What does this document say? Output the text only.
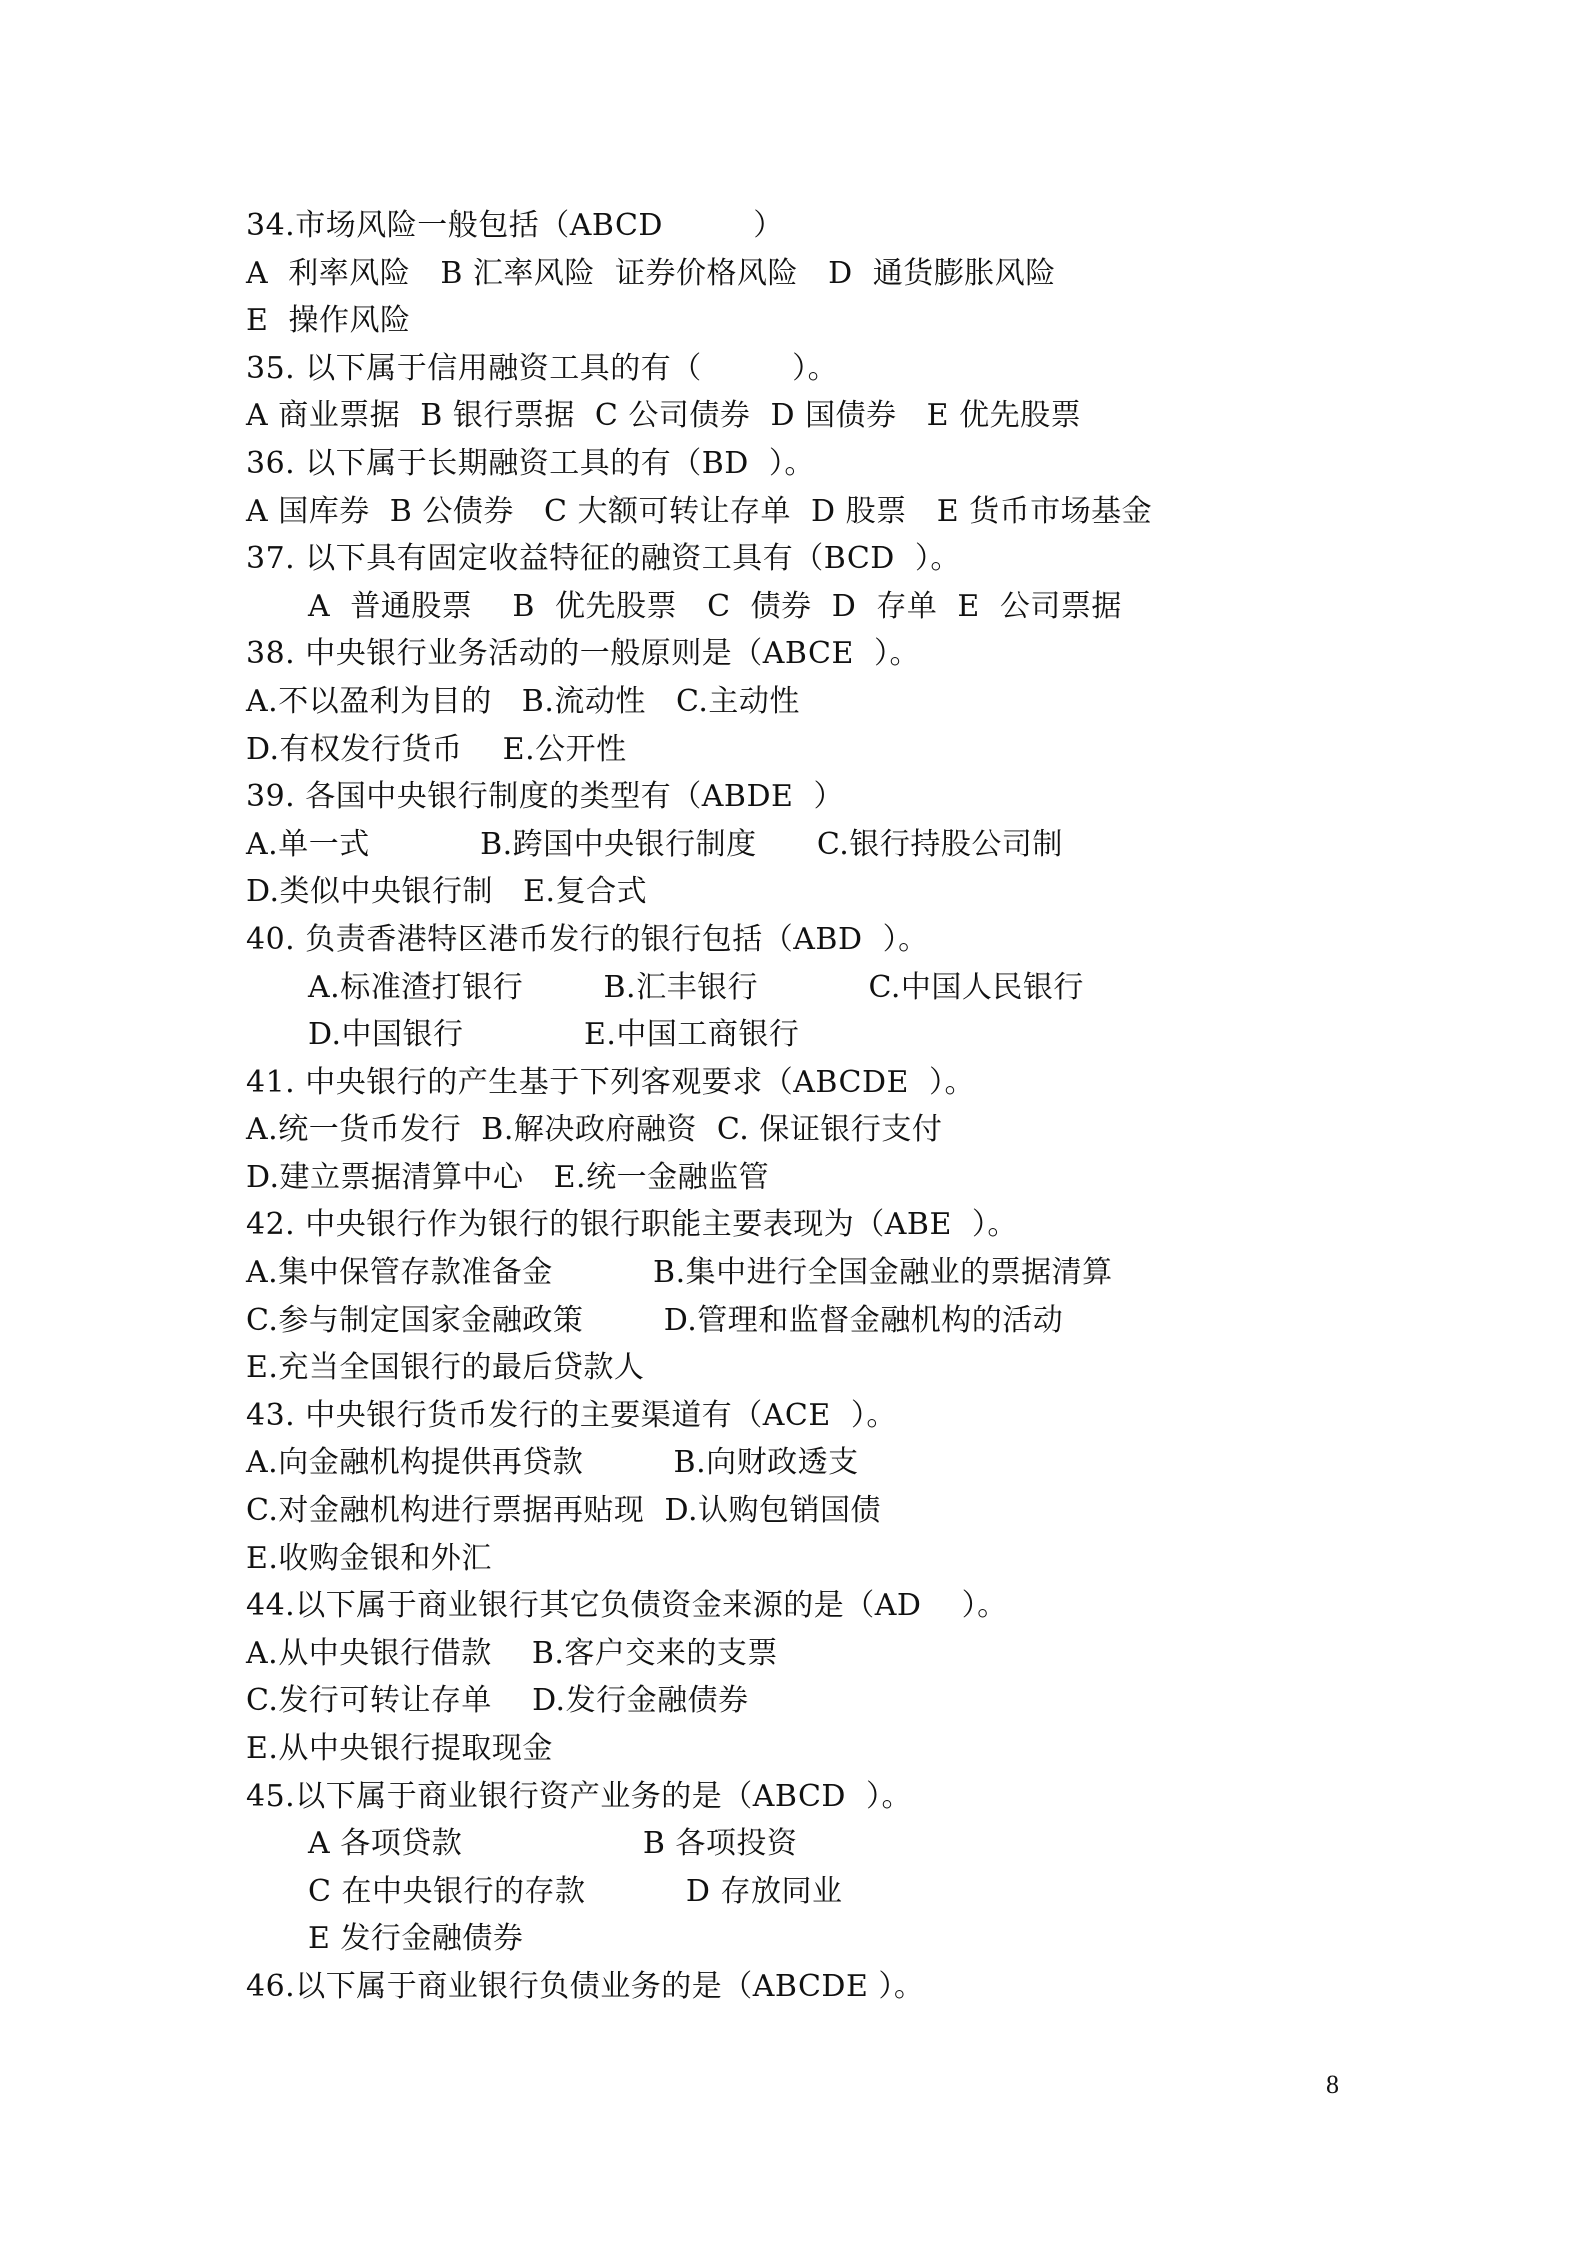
34.市场风险一般包括（ABCD         ）
A  利率风险   B 汇率风险  证券价格风险   D  通货膨胀风险
E  操作风险
35. 以下属于信用融资工具的有（         ）。
A 商业票据  B 银行票据  C 公司债券  D 国债券   E 优先股票
36. 以下属于长期融资工具的有（BD  ）。
A 国库券  B 公债券   C 大额可转让存单  D 股票   E 货币市场基金
37. 以下具有固定收益特征的融资工具有（BCD  ）。
A  普通股票    B  优先股票   C  债券  D  存单  E  公司票据
38. 中央银行业务活动的一般原则是（ABCE  ）。
A.不以盈利为目的   B.流动性   C.主动性
D.有权发行货币    E.公开性
39. 各国中央银行制度的类型有（ABDE  ）
A.单一式           B.跨国中央银行制度      C.银行持股公司制
D.类似中央银行制   E.复合式
40. 负责香港特区港币发行的银行包括（ABD  ）。
A.标准渣打银行        B.汇丰银行           C.中国人民银行
D.中国银行            E.中国工商银行
41. 中央银行的产生基于下列客观要求（ABCDE  ）。
A.统一货币发行  B.解决政府融资  C. 保证银行支付
D.建立票据清算中心   E.统一金融监管
42. 中央银行作为银行的银行职能主要表现为（ABE  ）。
A.集中保管存款准备金          B.集中进行全国金融业的票据清算
C.参与制定国家金融政策        D.管理和监督金融机构的活动
E.充当全国银行的最后贷款人
43. 中央银行货币发行的主要渠道有（ACE  ）。
A.向金融机构提供再贷款         B.向财政透支
C.对金融机构进行票据再贴现  D.认购包销国债
E.收购金银和外汇
44.以下属于商业银行其它负债资金来源的是（AD    ）。
A.从中央银行借款    B.客户交来的支票
C.发行可转让存单    D.发行金融债券
E.从中央银行提取现金
45.以下属于商业银行资产业务的是（ABCD  ）。
A 各项贷款                  B 各项投资
C 在中央银行的存款          D 存放同业
E 发行金融债券
46.以下属于商业银行负债业务的是（ABCDE ）。
8
